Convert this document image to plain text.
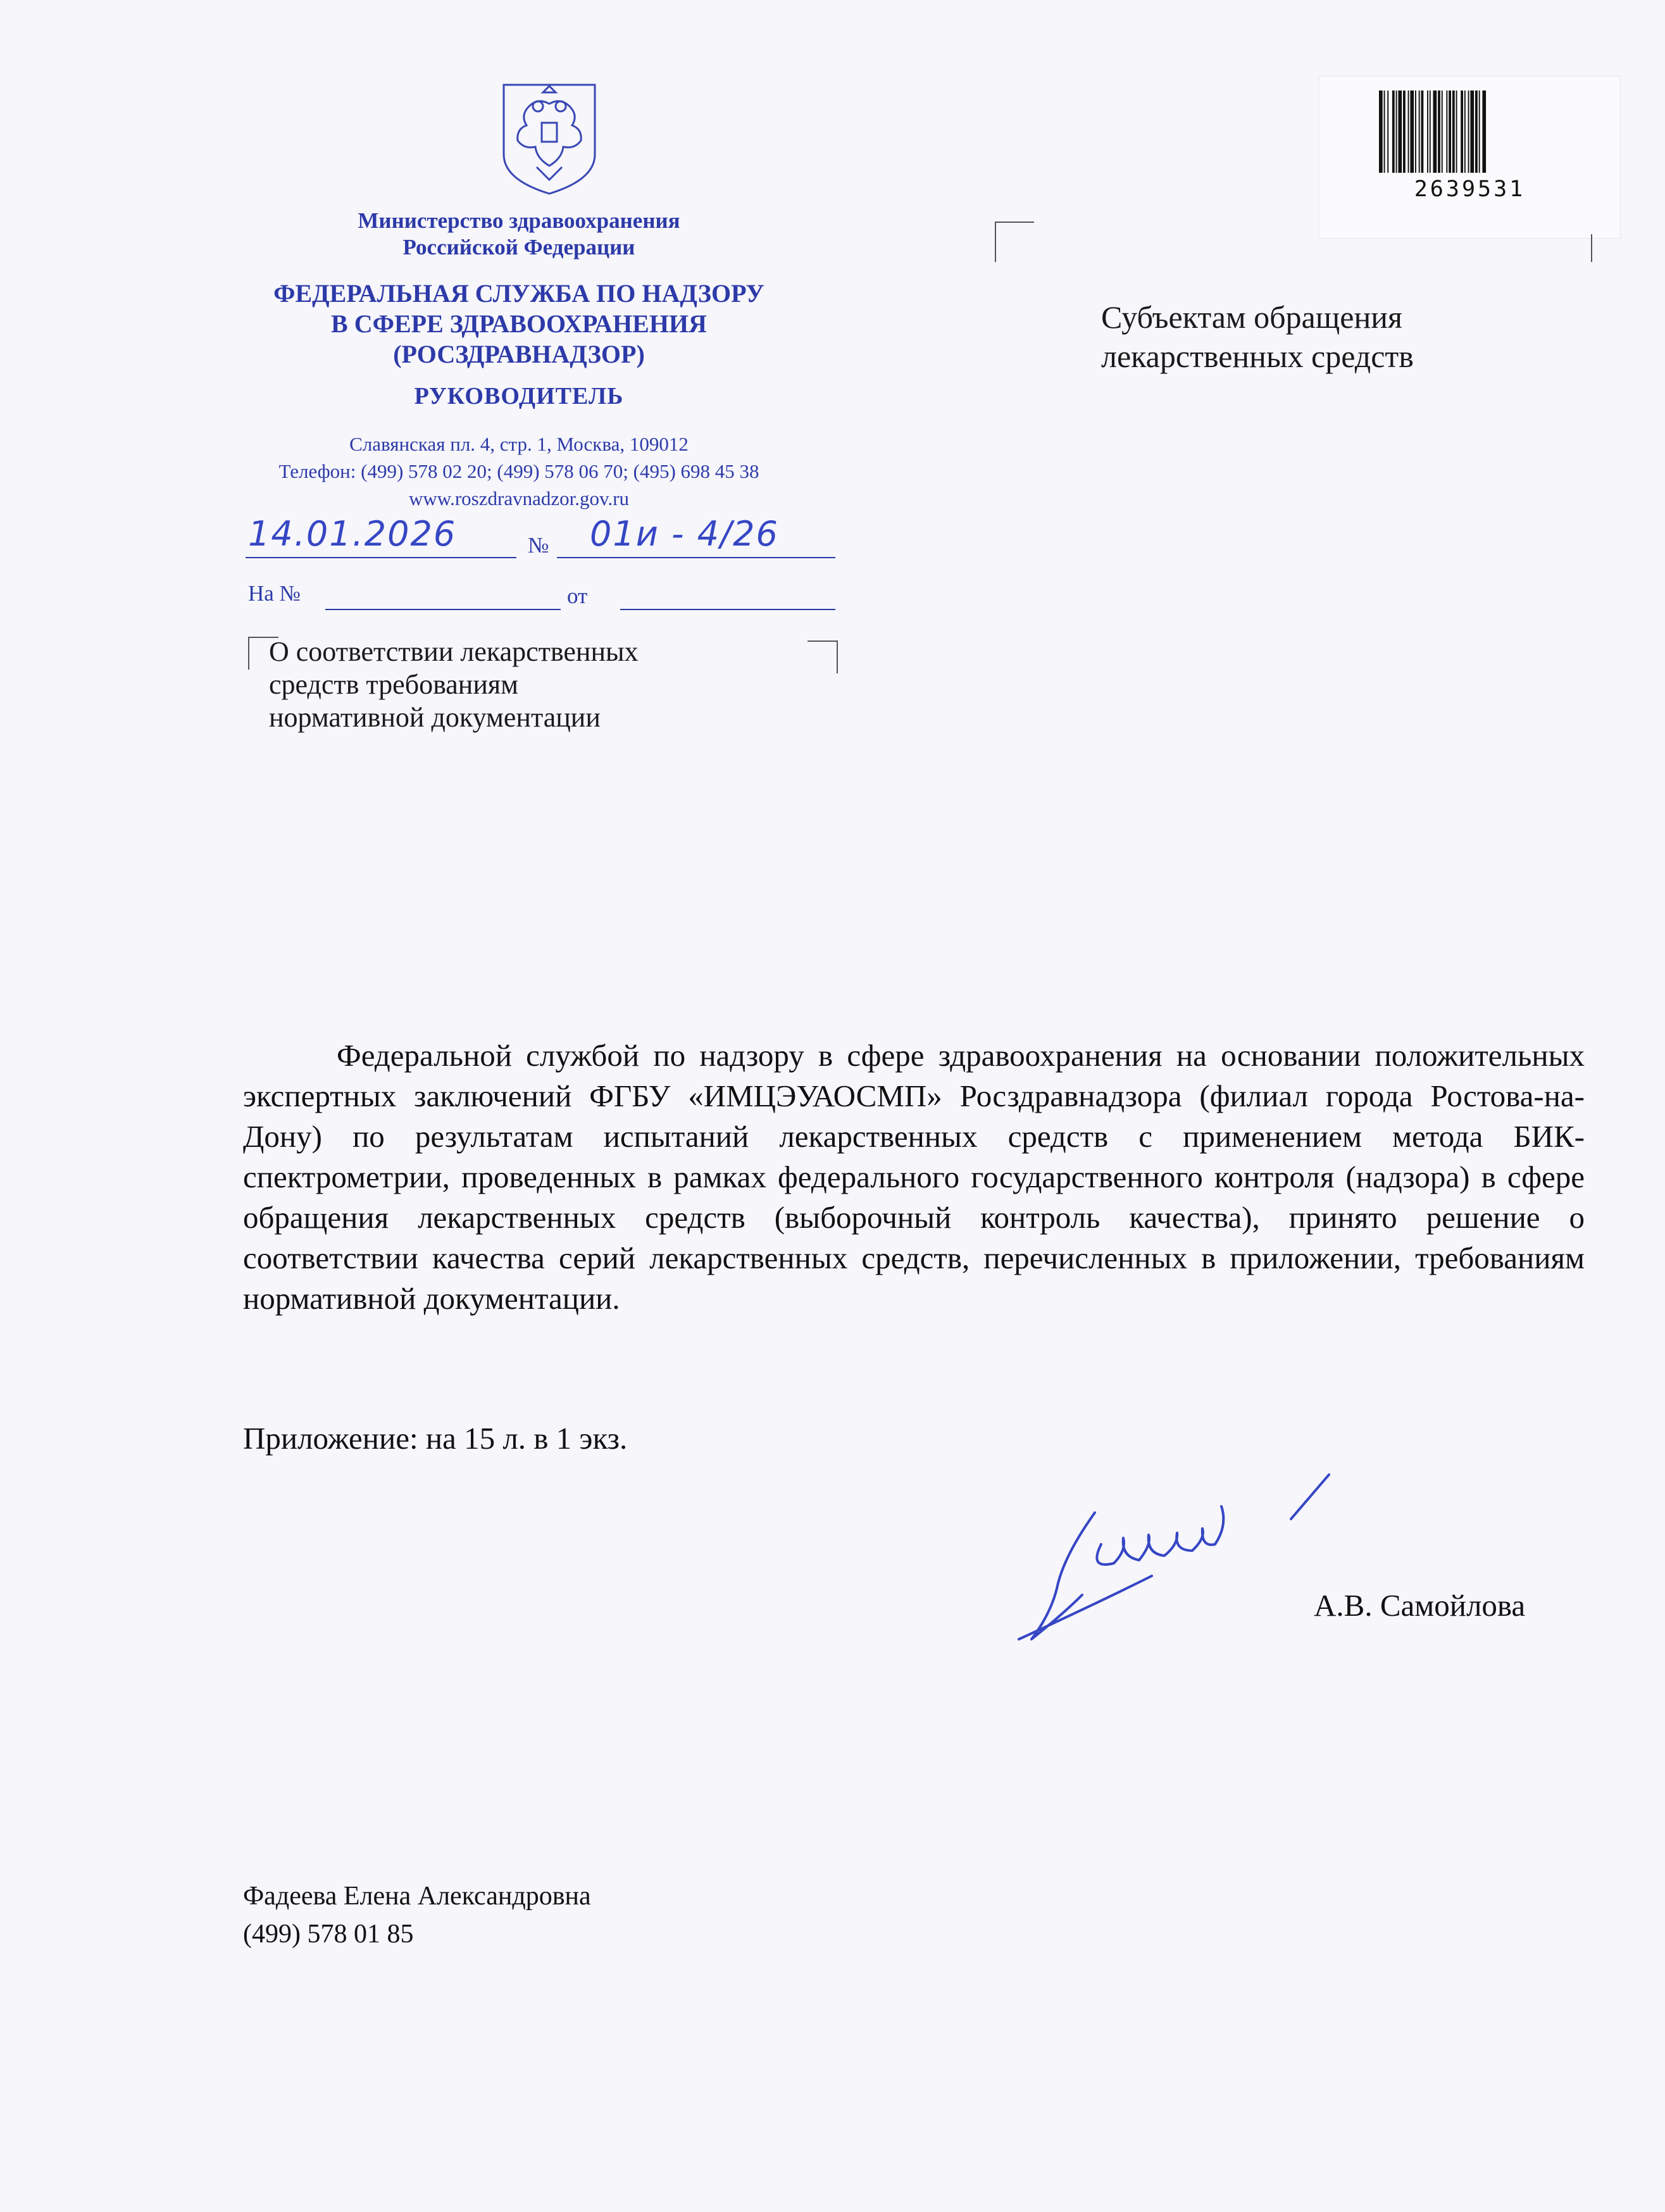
Министерство здравоохранения
Российской Федерации
ФЕДЕРАЛЬНАЯ СЛУЖБА ПО НАДЗОРУ
В СФЕРЕ ЗДРАВООХРАНЕНИЯ
(РОСЗДРАВНАДЗОР)
РУКОВОДИТЕЛЬ
Славянская пл. 4, стр. 1, Москва, 109012
Телефон: (499) 578 02 20; (499) 578 06 70; (495) 698 45 38
www.roszdravnadzor.gov.ru
14.01.2026	№ 01и - 4/26
На №	от
О соответствии лекарственных
средств требованиям
нормативной документации
2639531
Субъектам обращения
лекарственных средств
Федеральной службой по надзору в сфере здравоохранения на основании положительных экспертных заключений ФГБУ «ИМЦЭУАОСМП» Росздравнадзора (филиал города Ростова-на-Дону) по результатам испытаний лекарственных средств с применением метода БИК-спектрометрии, проведенных в рамках федерального государственного контроля (надзора) в сфере обращения лекарственных средств (выборочный контроль качества), принято решение о соответствии качества серий лекарственных средств, перечисленных в приложении, требованиям нормативной документации.
Приложение: на 15 л. в 1 экз.
А.В. Самойлова
Фадеева Елена Александровна
(499) 578 01 85
